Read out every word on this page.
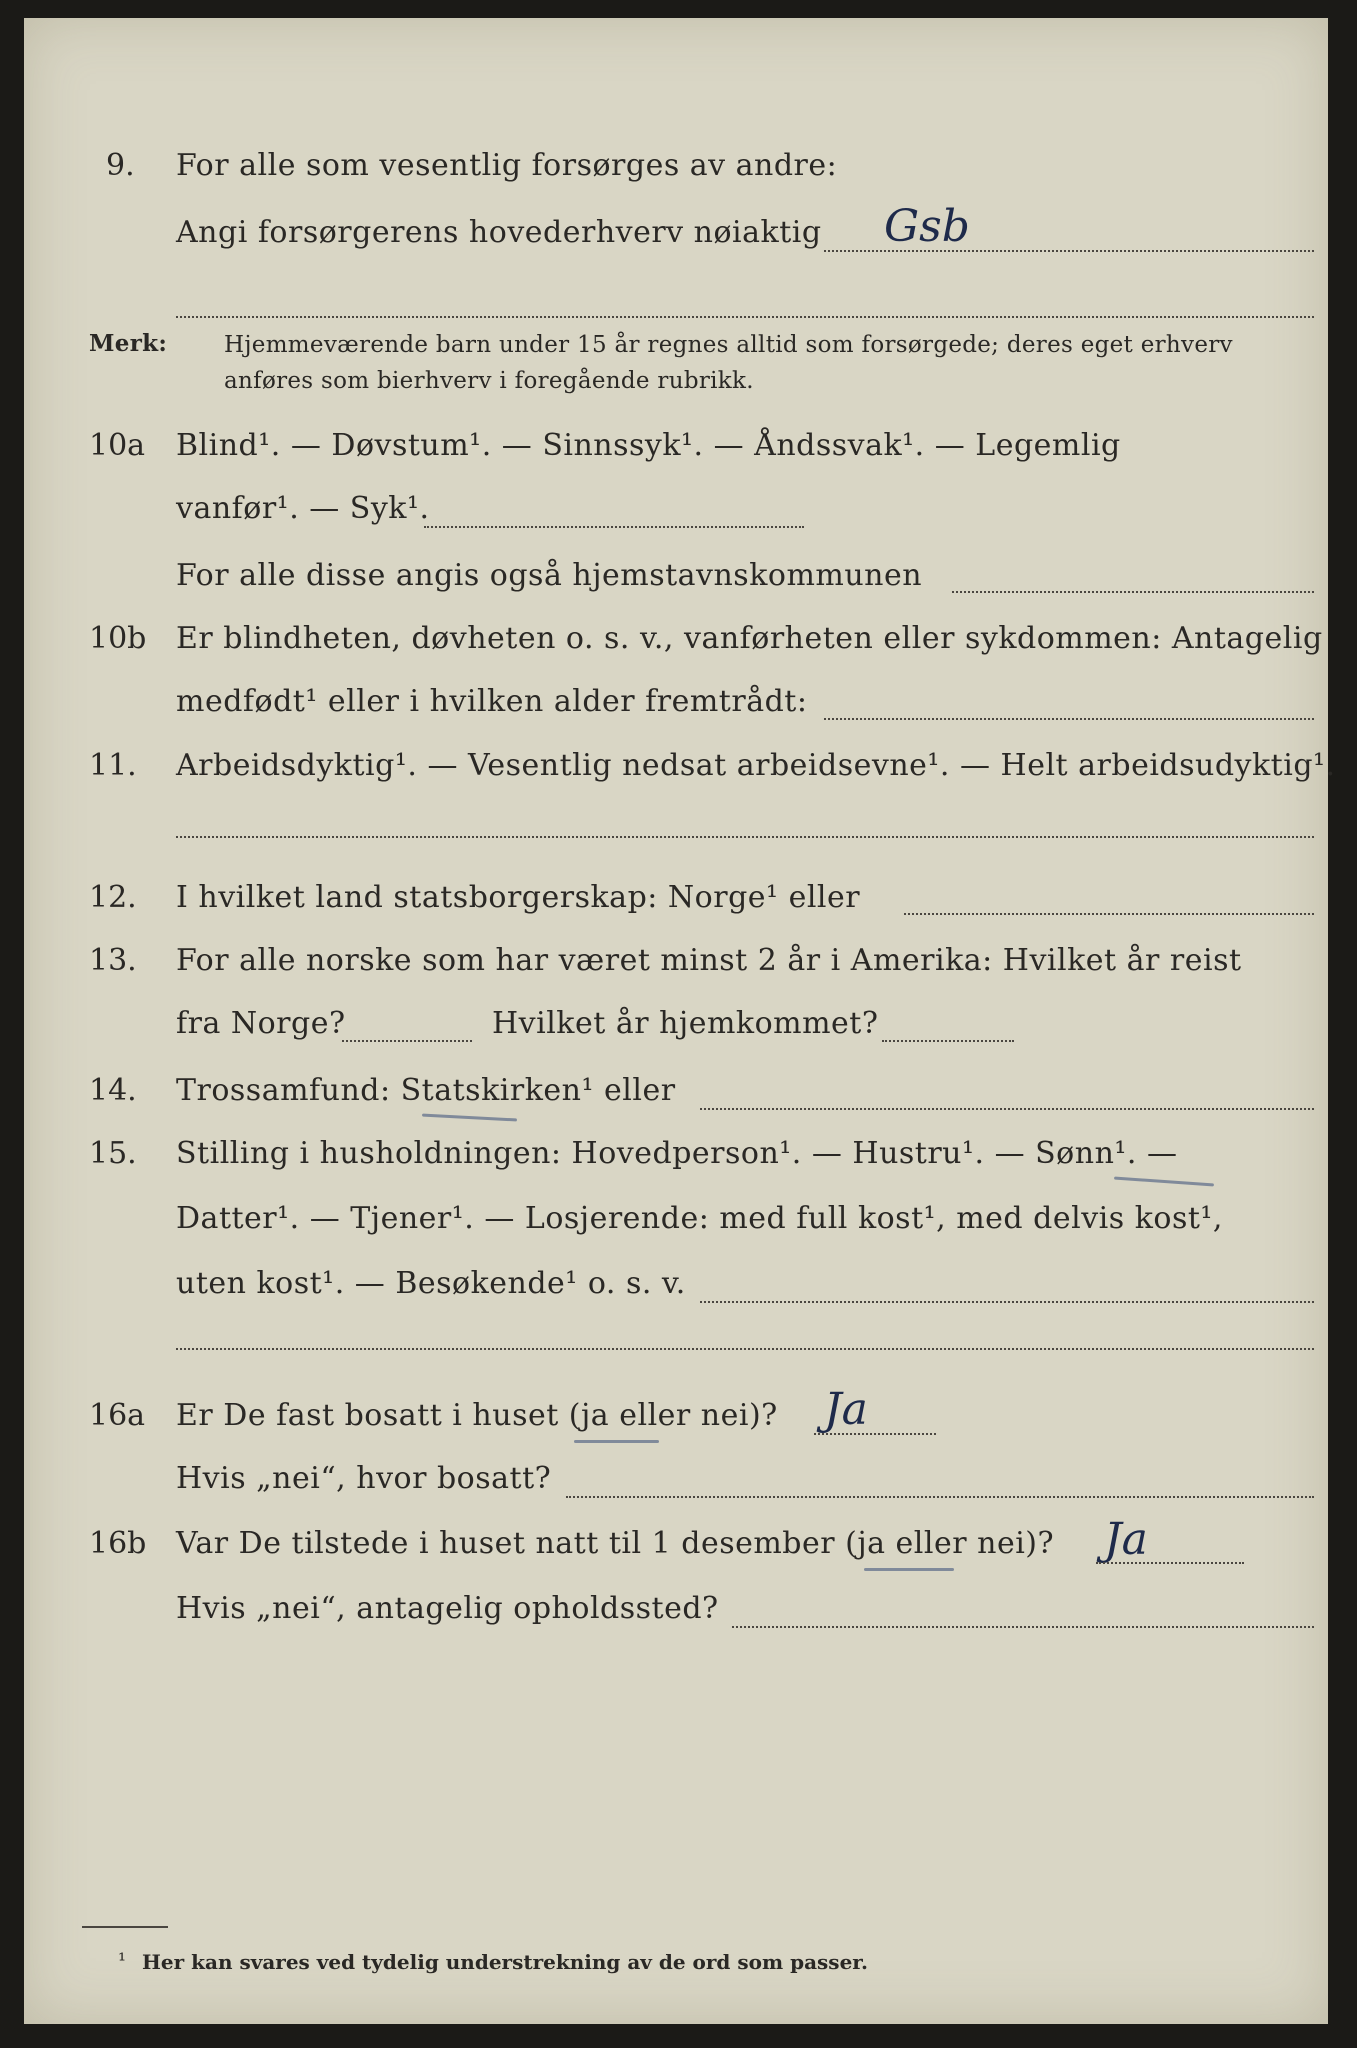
9. For alle som vesentlig forsørges av andre:
Angi forsørgerens hovederhverv nøiaktig Gsb
Merk: Hjemmeværende barn under 15 år regnes alltid som forsørgede; deres eget erhverv
anføres som bierhverv i foregående rubrikk.
10a Blind¹. — Døvstum¹. — Sinnssyk¹. — Åndssvak¹. — Legemlig
vanfør¹. — Syk¹.
For alle disse angis også hjemstavnskommunen
10b Er blindheten, døvheten o. s. v., vanførheten eller sykdommen: Antagelig
medfødt¹ eller i hvilken alder fremtrådt:
11. Arbeidsdyktig¹. — Vesentlig nedsat arbeidsevne¹. — Helt arbeidsudyktig¹.
12. I hvilket land statsborgerskap: Norge¹ eller
13. For alle norske som har været minst 2 år i Amerika: Hvilket år reist
fra Norge?	Hvilket år hjemkommet?
14. Trossamfund: Statskirken¹ eller
15. Stilling i husholdningen: Hovedperson¹. — Hustru¹. — Sønn¹. —
Datter¹. — Tjener¹. — Losjerende: med full kost¹, med delvis kost¹,
uten kost¹. — Besøkende¹ o. s. v.
16a Er De fast bosatt i huset (ja eller nei)? Ja
Hvis „nei“, hvor bosatt?
16b Var De tilstede i huset natt til 1 desember (ja eller nei)? Ja
Hvis „nei“, antagelig opholdssted?
¹ Her kan svares ved tydelig understrekning av de ord som passer.
